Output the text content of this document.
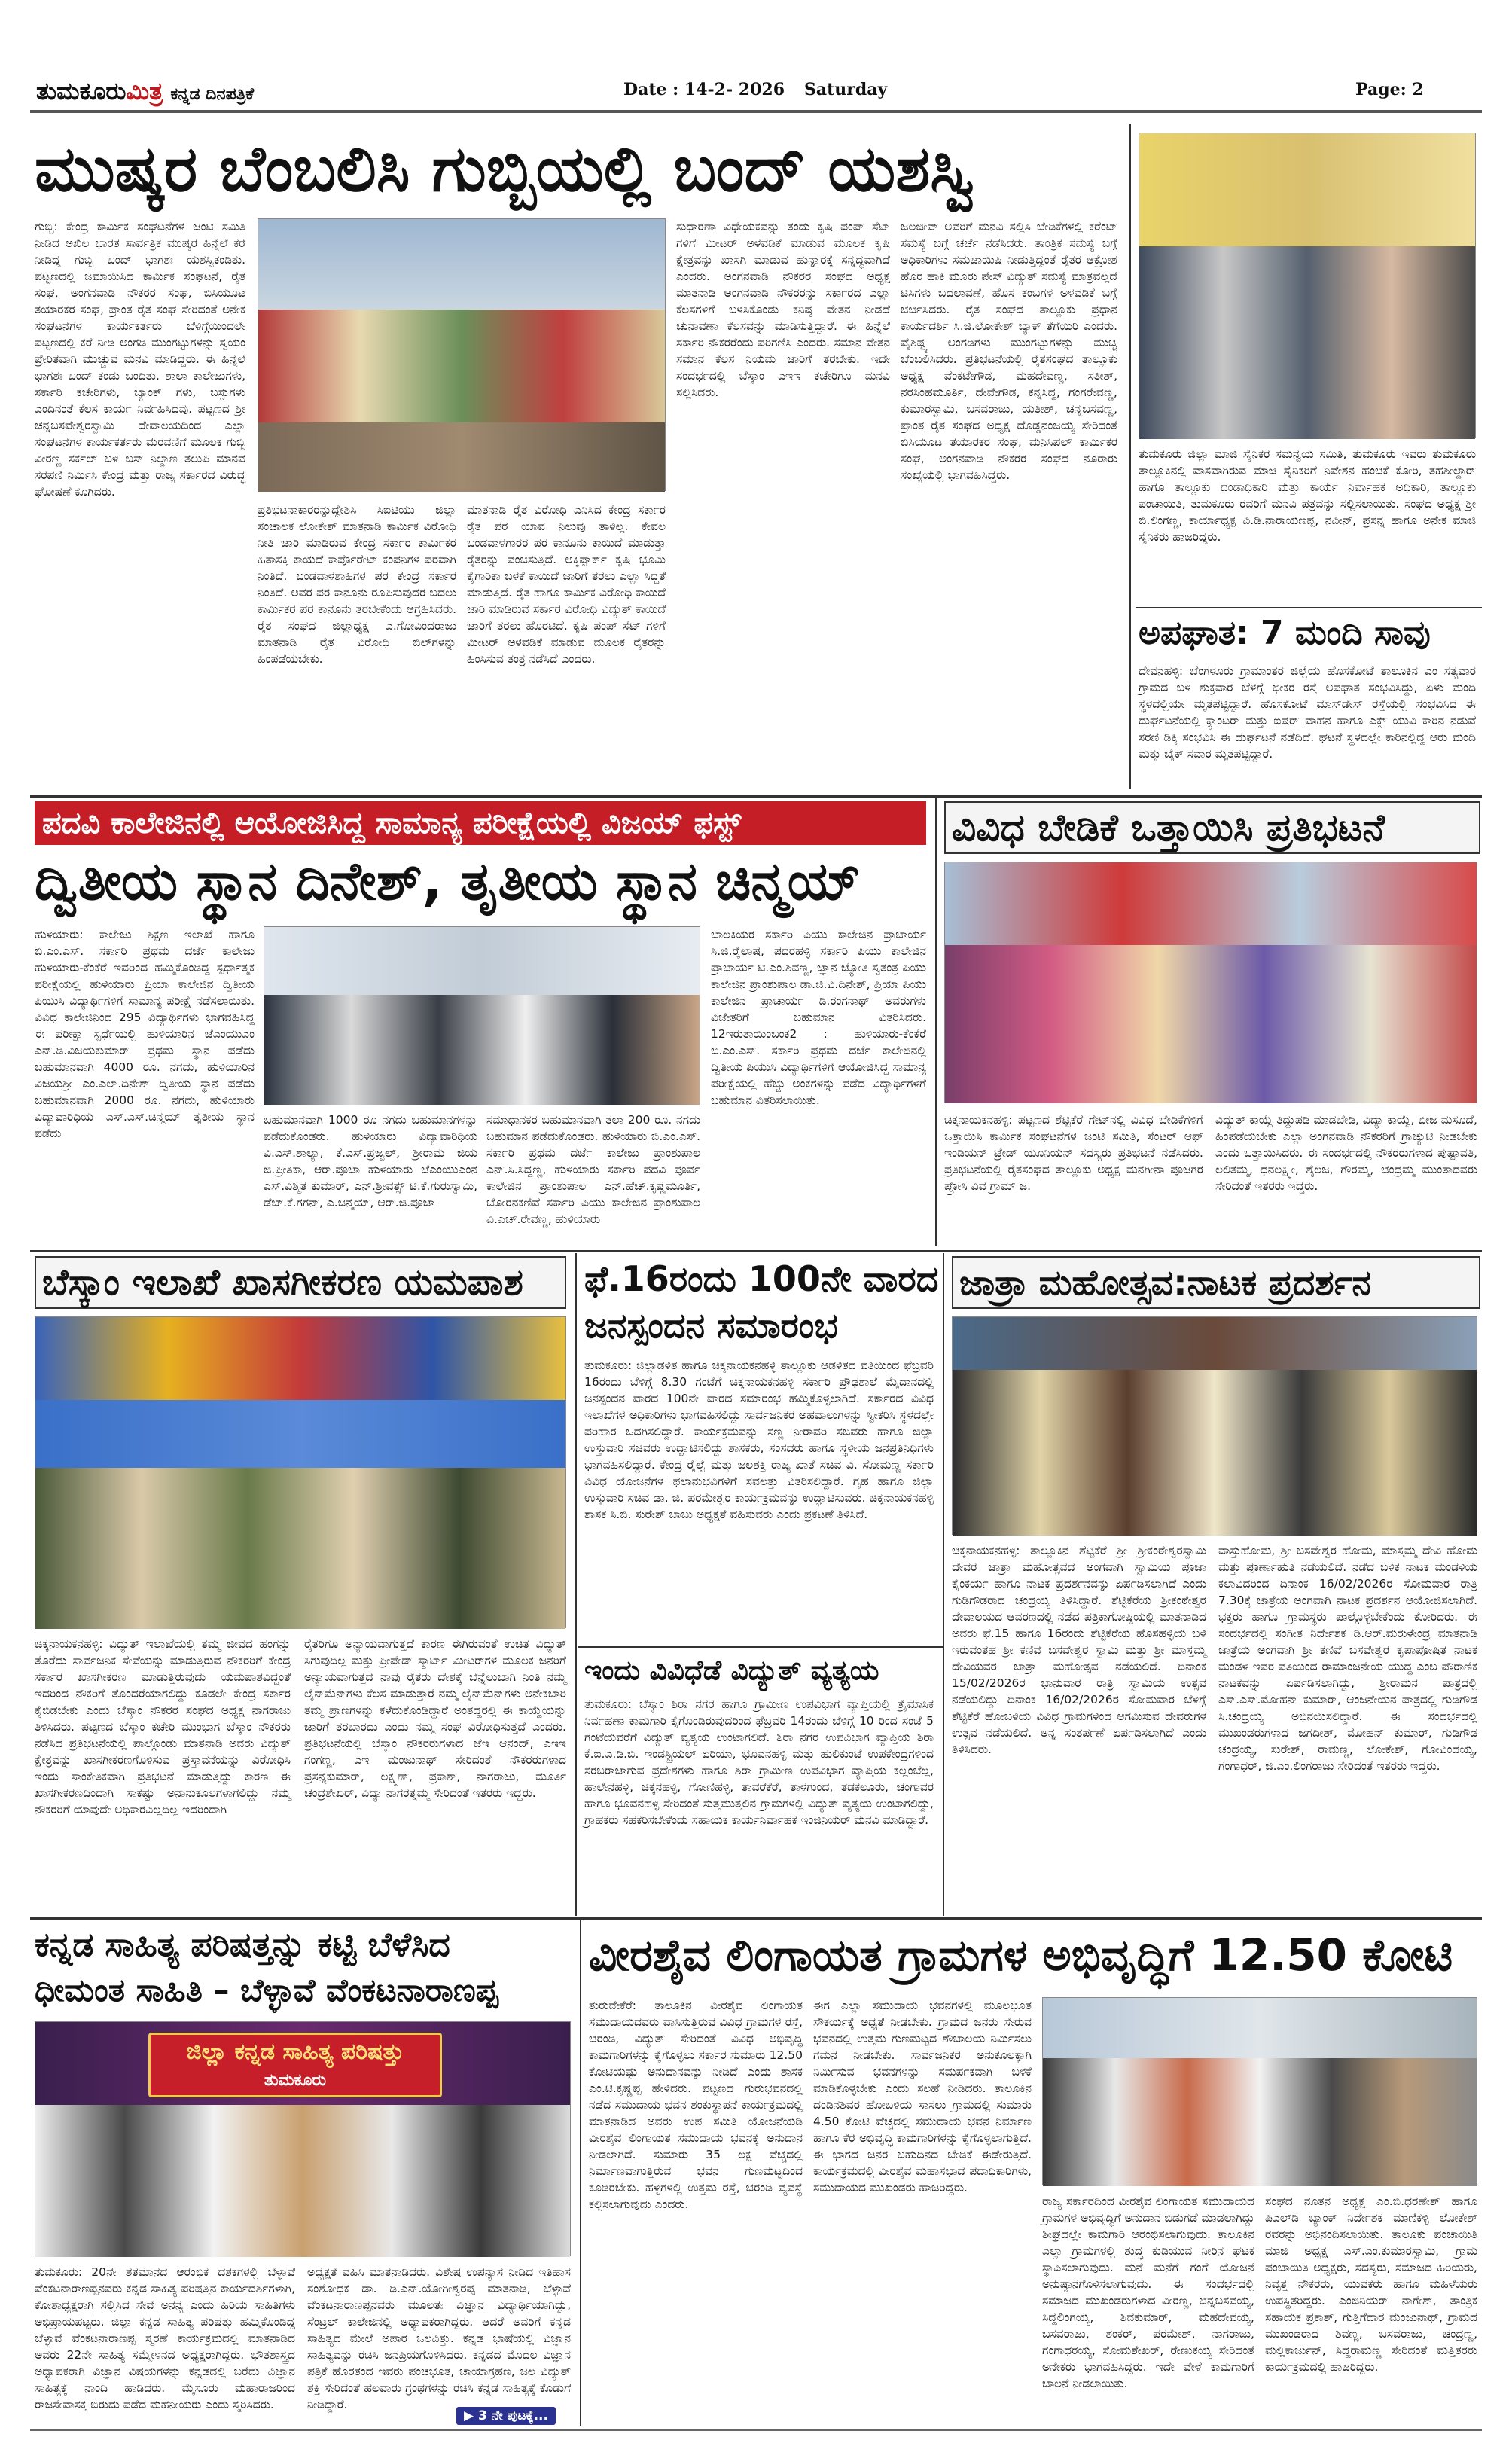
ತುಮಕೂರುಮಿತ್ರ ಕನ್ನಡ ದಿನಪತ್ರಿಕೆ	Date : 14-2- 2026 Saturday	Page: 2
ಮುಷ್ಕರ ಬೆಂಬಲಿಸಿ ಗುಬ್ಬಿಯಲ್ಲಿ ಬಂದ್ ಯಶಸ್ವಿ
ಗುಬ್ಬಿ: ಕೇಂದ್ರ ಕಾರ್ಮಿಕ ಸಂಘಟನೆಗಳ ಜಂಟಿ ಸಮಿತಿ ನೀಡಿದ ಅಖಿಲ ಭಾರತ ಸಾರ್ವತ್ರಿಕ ಮುಷ್ಕರ ಹಿನ್ನೆಲೆ ಕರೆ ನೀಡಿದ್ದ ಗುಬ್ಬಿ ಬಂದ್ ಭಾಗಶಃ ಯಶಸ್ವಿಕಂಡಿತು. ಪಟ್ಟಣದಲ್ಲಿ ಜಮಾಯಿಸಿದ ಕಾರ್ಮಿಕ ಸಂಘಟನೆ, ರೈತ ಸಂಘ, ಅಂಗನವಾಡಿ ನೌಕರರ ಸಂಘ, ಬಿಸಿಯೂಟ ತಯಾರಕರ ಸಂಘ, ಪ್ರಾಂತ ರೈತ ಸಂಘ ಸೇರಿದಂತೆ ಅನೇಕ ಸಂಘಟನೆಗಳ ಕಾರ್ಯಕರ್ತರು ಬೆಳಿಗ್ಗೆಯಿಂದಲೇ ಪಟ್ಟಣದಲ್ಲಿ ಕರೆ ನೀಡಿ ಅಂಗಡಿ ಮುಂಗಟ್ಟುಗಳನ್ನು ಸ್ವಯಂ ಪ್ರೇರಿತವಾಗಿ ಮುಚ್ಚುವ ಮನವಿ ಮಾಡಿದ್ದರು. ಈ ಹಿನ್ನಲೆ ಭಾಗಶಃ ಬಂದ್ ಕಂಡು ಬಂದಿತು. ಶಾಲಾ ಕಾಲೇಜುಗಳು, ಸರ್ಕಾರಿ ಕಚೇರಿಗಳು, ಬ್ಯಾಂಕ್ ಗಳು, ಬಸ್ಸುಗಳು ಎಂದಿನಂತೆ ಕೆಲಸ ಕಾರ್ಯ ನಿರ್ವಹಿಸಿದವು. ಪಟ್ಟಣದ ಶ್ರೀ ಚನ್ನಬಸವೇಶ್ವರಸ್ವಾಮಿ ದೇವಾಲಯದಿಂದ ಎಲ್ಲಾ ಸಂಘಟನೆಗಳ ಕಾರ್ಯಕರ್ತರು ಮೆರವಣಿಗೆ ಮೂಲಕ ಗುಬ್ಬಿ ವೀರಣ್ಣ ಸರ್ಕಲ್ ಬಳಿ ಬಸ್ ನಿಲ್ದಾಣ ತಲುಪಿ ಮಾನವ ಸರಪಣಿ ನಿರ್ಮಿಸಿ ಕೇಂದ್ರ ಮತ್ತು ರಾಜ್ಯ ಸರ್ಕಾರದ ವಿರುದ್ಧ ಘೋಷಣೆ ಕೂಗಿದರು.
ಪ್ರತಿಭಟನಾಕಾರರನ್ನುದ್ದೇಶಿಸಿ ಸಿಐಟಿಯು ಜಿಲ್ಲಾ ಸಂಚಾಲಕ ಲೋಕೇಶ್ ಮಾತನಾಡಿ ಕಾರ್ಮಿಕ ವಿರೋಧಿ ನೀತಿ ಜಾರಿ ಮಾಡಿರುವ ಕೇಂದ್ರ ಸರ್ಕಾರ ಕಾರ್ಮಿಕರ ಹಿತಾಸಕ್ತಿ ಕಾಯದೆ ಕಾರ್ಪೊರೇಟ್ ಕಂಪನಿಗಳ ಪರವಾಗಿ ನಿಂತಿದೆ. ಬಂಡವಾಳಶಾಹಿಗಳ ಪರ ಕೇಂದ್ರ ಸರ್ಕಾರ ನಿಂತಿದೆ. ಅವರ ಪರ ಕಾನೂನು ರೂಪಿಸುವುದರ ಬದಲು ಕಾರ್ಮಿಕರ ಪರ ಕಾನೂನು ತರಬೇಕೆಂದು ಆಗ್ರಹಿಸಿದರು. ರೈತ ಸಂಘದ ಜಿಲ್ಲಾಧ್ಯಕ್ಷ ಎ.ಗೋವಿಂದರಾಜು ಮಾತನಾಡಿ ರೈತ ವಿರೋಧಿ ಬಿಲ್‌ಗಳನ್ನು ಹಿಂಪಡೆಯಬೇಕು.
ಮಾತನಾಡಿ ರೈತ ವಿರೋಧಿ ಎನಿಸಿದ ಕೇಂದ್ರ ಸರ್ಕಾರ ರೈತ ಪರ ಯಾವ ನಿಲುವು ತಾಳಿಲ್ಲ. ಕೇವಲ ಬಂಡವಾಳಗಾರರ ಪರ ಕಾನೂನು ಕಾಯಿದೆ ಮಾಡುತ್ತಾ ರೈತರನ್ನು ವಂಚಿಸುತ್ತಿದೆ. ಅಕ್ಕಿಪ್ಪಾರ್ಕ್ ಕೃಷಿ ಭೂಮಿ ಕೈಗಾರಿಕಾ ಬಳಕೆ ಕಾಯಿದೆ ಜಾರಿಗೆ ತರಲು ಎಲ್ಲಾ ಸಿದ್ದತೆ ಮಾಡುತ್ತಿದೆ. ರೈತ ಹಾಗೂ ಕಾರ್ಮಿಕ ವಿರೋಧಿ ಕಾಯಿದೆ ಜಾರಿ ಮಾಡಿರುವ ಸರ್ಕಾರ ವಿರೋಧಿ ವಿದ್ಯುತ್ ಕಾಯಿದೆ ಜಾರಿಗೆ ತರಲು ಹೊರಟಿದೆ. ಕೃಷಿ ಪಂಪ್ ಸೆಟ್ ಗಳಿಗೆ ಮೀಟರ್ ಅಳವಡಿಕೆ ಮಾಡುವ ಮೂಲಕ ರೈತರನ್ನು ಹಿಂಸಿಸುವ ತಂತ್ರ ನಡೆಸಿದೆ ಎಂದರು.
ಸುಧಾರಣಾ ವಿಧೇಯಕವನ್ನು ತಂದು ಕೃಷಿ ಪಂಪ್ ಸೆಟ್‌ ಗಳಿಗೆ ಮೀಟರ್ ಅಳವಡಿಕೆ ಮಾಡುವ ಮೂಲಕ ಕೃಷಿ ಕ್ಷೇತ್ರವನ್ನು ಖಾಸಗಿ ಮಾಡುವ ಹುನ್ನಾರಕ್ಕೆ ಸನ್ನದ್ಧವಾಗಿದೆ ಎಂದರು. ಅಂಗನವಾಡಿ ನೌಕರರ ಸಂಘದ ಅಧ್ಯಕ್ಷ ಮಾತನಾಡಿ ಅಂಗನವಾಡಿ ನೌಕರರನ್ನು ಸರ್ಕಾರದ ಎಲ್ಲಾ ಕೆಲಸಗಳಿಗೆ ಬಳಸಿಕೊಂಡು ಕನಿಷ್ಠ ವೇತನ ನೀಡದೆ ಚುನಾವಣಾ ಕೆಲಸವನ್ನು ಮಾಡಿಸುತ್ತಿದ್ದಾರೆ. ಈ ಹಿನ್ನೆಲೆ ಸರ್ಕಾರಿ ನೌಕರರೆಂದು ಪರಿಗಣಿಸಿ ಎಂದರು. ಸಮಾನ ವೇತನ ಸಮಾನ ಕೆಲಸ ನಿಯಮ ಜಾರಿಗೆ ತರಬೇಕು. ಇದೇ ಸಂದರ್ಭದಲ್ಲಿ ಬೆಸ್ಕಾಂ ಎಇಇ ಕಚೇರಿಗೂ ಮನವಿ ಸಲ್ಲಿಸಿದರು.
ಜಲಜೀವ್ ಅವರಿಗೆ ಮನವಿ ಸಲ್ಲಿಸಿ ಬೇಡಿಕೆಗಳಲ್ಲಿ ಕರೆಂಟ್ ಸಮಸ್ಯೆ ಬಗ್ಗೆ ಚರ್ಚೆ ನಡೆಸಿದರು. ತಾಂತ್ರಿಕ ಸಮಸ್ಯೆ ಬಗ್ಗೆ ಅಧಿಕಾರಿಗಳು ಸಮಜಾಯಿಷಿ ನೀಡುತ್ತಿದ್ದಂತೆ ರೈತರ ಆಕ್ರೋಶ ಹೊರ ಹಾಕಿ ಮೂರು ಪೇಸ್ ವಿದ್ಯುತ್ ಸಮಸ್ಯೆ ಮಾತ್ರವಲ್ಲದೆ ಟಿಸಿಗಳು ಬದಲಾವಣೆ, ಹೊಸ ಕಂಬಗಳ ಅಳವಡಿಕೆ ಬಗ್ಗೆ ಚರ್ಚಿಸಿದರು. ರೈತ ಸಂಘದ ತಾಲ್ಲೂಕು ಪ್ರಧಾನ ಕಾರ್ಯದರ್ಶಿ ಸಿ.ಜಿ.ಲೋಕೇಶ್ ಬ್ಯಾಕ್ ತೆಗೆಯಿರಿ ಎಂದರು. ವೈಶಿಷ್ಟ್ಯ ಅಂಗಡಿಗಳು ಮುಂಗಟ್ಟುಗಳನ್ನು ಮುಚ್ಚಿ ಬೆಂಬಲಿಸಿದರು. ಪ್ರತಿಭಟನೆಯಲ್ಲಿ ರೈತಸಂಘದ ತಾಲ್ಲೂಕು ಅಧ್ಯಕ್ಷ ವೆಂಕಟೇಗೌಡ, ಮಹದೇವಣ್ಣ, ಸತೀಶ್, ನರಸಿಂಹಮೂರ್ತಿ, ದೇವೇಗೌಡ, ಕನ್ನಸಿದ್ದ, ಗಂಗರೇವಣ್ಣ, ಕುಮಾರಸ್ವಾಮಿ, ಬಸವರಾಜು, ಯತೀಶ್, ಚನ್ನಬಸವಣ್ಣ, ಪ್ರಾಂತ ರೈತ ಸಂಘದ ಅಧ್ಯಕ್ಷ ದೊಡ್ಡನಂಜಯ್ಯ ಸೇರಿದಂತೆ ಬಿಸಿಯೂಟ ತಯಾರಕರ ಸಂಘ, ಮನಿಸಿಪಲ್ ಕಾರ್ಮಿಕರ ಸಂಘ, ಅಂಗನವಾಡಿ ನೌಕರರ ಸಂಘದ ನೂರಾರು ಸಂಖ್ಯೆಯಲ್ಲಿ ಭಾಗವಹಿಸಿದ್ದರು.
ತುಮಕೂರು ಜಿಲ್ಲಾ ಮಾಜಿ ಸೈನಿಕರ ಸಮನ್ವಯ ಸಮಿತಿ, ತುಮಕೂರು ಇವರು ತುಮಕೂರು ತಾಲ್ಲೂಕಿನಲ್ಲಿ ವಾಸವಾಗಿರುವ ಮಾಜಿ ಸೈನಿಕರಿಗೆ ನಿವೇಶನ ಹಂಚಿಕೆ ಕೋರಿ, ತಹಶೀಲ್ದಾರ್ ಹಾಗೂ ತಾಲ್ಲೂಕು ದಂಡಾಧಿಕಾರಿ ಮತ್ತು ಕಾರ್ಯ ನಿರ್ವಾಹಕ ಅಧಿಕಾರಿ, ತಾಲ್ಲೂಕು ಪಂಚಾಯಿತಿ, ತುಮಕೂರು ರವರಿಗೆ ಮನವಿ ಪತ್ರವನ್ನು ಸಲ್ಲಿಸಲಾಯಿತು. ಸಂಘದ ಅಧ್ಯಕ್ಷ ಶ್ರೀ ಬಿ.ಲಿಂಗಣ್ಣ, ಕಾರ್ಯಾಧ್ಯಕ್ಷ ವಿ.ಡಿ.ನಾರಾಯಣಪ್ಪ, ನವೀನ್, ಪ್ರಸನ್ನ ಹಾಗೂ ಅನೇಕ ಮಾಜಿ ಸೈನಿಕರು ಹಾಜರಿದ್ದರು.
ಅಪಘಾತ: 7 ಮಂದಿ ಸಾವು
ದೇವನಹಳ್ಳಿ: ಬೆಂಗಳೂರು ಗ್ರಾಮಾಂತರ ಜಿಲ್ಲೆಯ ಹೊಸಕೋಟೆ ತಾಲೂಕಿನ ಎಂ ಸತ್ಯವಾರ ಗ್ರಾಮದ ಬಳಿ ಶುಕ್ರವಾರ ಬೆಳಗ್ಗೆ ಭೀಕರ ರಸ್ತೆ ಅಪಘಾತ ಸಂಭವಿಸಿದ್ದು, ಏಳು ಮಂದಿ ಸ್ಥಳದಲ್ಲಿಯೇ ಮೃತಪಟ್ಟಿದ್ದಾರೆ. ಹೊಸಕೋಟೆ ಮಾಸ್‌ಡೇಸ್ ರಸ್ತೆಯಲ್ಲಿ ಸಂಭವಿಸಿದ ಈ ದುರ್ಘಟನೆಯಲ್ಲಿ ಕ್ಯಾಂಟರ್ ಮತ್ತು ಐಷರ್ ವಾಹನ ಹಾಗೂ ಎಕ್ಸ್ ಯುವಿ ಕಾರಿನ ನಡುವೆ ಸರಣಿ ಡಿಕ್ಕಿ ಸಂಭವಿಸಿ ಈ ದುರ್ಘಟನೆ ನಡೆದಿದೆ. ಘಟನೆ ಸ್ಥಳದಲ್ಲೇ ಕಾರಿನಲ್ಲಿದ್ದ ಆರು ಮಂದಿ ಮತ್ತು ಬೈಕ್ ಸವಾರ ಮೃತಪಟ್ಟಿದ್ದಾರೆ.
ಪದವಿ ಕಾಲೇಜಿನಲ್ಲಿ ಆಯೋಜಿಸಿದ್ದ ಸಾಮಾನ್ಯ ಪರೀಕ್ಷೆಯಲ್ಲಿ ವಿಜಯ್ ಫಸ್ಟ್
ದ್ವಿತೀಯ ಸ್ಥಾನ ದಿನೇಶ್, ತೃತೀಯ ಸ್ಥಾನ ಚಿನ್ಮಯ್
ಹುಳಿಯಾರು: ಕಾಲೇಜು ಶಿಕ್ಷಣ ಇಲಾಖೆ ಹಾಗೂ ಬಿ.ಎಂ.ಎಸ್. ಸರ್ಕಾರಿ ಪ್ರಥಮ ದರ್ಜೆ ಕಾಲೇಜು ಹುಳಿಯಾರು-ಕೆಂಕೆರೆ ಇವರಿಂದ ಹಮ್ಮಿಕೊಂಡಿದ್ದ ಸ್ಪರ್ಧಾತ್ಮಕ ಪರೀಕ್ಷೆಯಲ್ಲಿ ಹುಳಿಯಾರು ಪ್ರಿಯಾ ಕಾಲೇಜಿನ ದ್ವಿತೀಯ ಪಿಯುಸಿ ವಿದ್ಯಾರ್ಥಿಗಳಿಗೆ ಸಾಮಾನ್ಯ ಪರೀಕ್ಷೆ ನಡೆಸಲಾಯಿತು. ವಿವಿಧ ಕಾಲೇಜಿನಿಂದ 295 ವಿದ್ಯಾರ್ಥಿಗಳು ಭಾಗವಹಿಸಿದ್ದ ಈ ಪರೀಕ್ಷಾ ಸ್ಪರ್ಧೆಯಲ್ಲಿ ಹುಳಿಯಾರಿನ ಜೆಎಂಯುಎಂ ಎನ್.ಡಿ.ವಿಜಯಕುಮಾರ್ ಪ್ರಥಮ ಸ್ಥಾನ ಪಡೆದು ಬಹುಮಾನವಾಗಿ 4000 ರೂ. ನಗದು, ಹುಳಿಯಾರಿನ ವಿಜಯಶ್ರೀ ಎಂ.ಎಲ್.ದಿನೇಶ್ ದ್ವಿತೀಯ ಸ್ಥಾನ ಪಡೆದು ಬಹುಮಾನವಾಗಿ 2000 ರೂ. ನಗದು, ಹುಳಿಯಾರು ವಿದ್ಯಾವಾರಿಧಿಯ ಎಸ್.ಎಸ್.ಚಿನ್ಮಯ್ ತೃತೀಯ ಸ್ಥಾನ ಪಡೆದು
ಬಹುಮಾನವಾಗಿ 1000 ರೂ ನಗದು ಬಹುಮಾನಗಳನ್ನು ಪಡೆದುಕೊಂಡರು. ಹುಳಿಯಾರು ವಿದ್ಯಾವಾರಿಧಿಯ ವಿ.ಎಸ್.ಶಾಲ್ಯಾ, ಕೆ.ಎಸ್.ಪ್ರಜ್ವಲ್, ಶ್ರೀರಾಮ ಜಿಯ ಜಿ.ಪ್ರೀತಿಕಾ, ಆರ್.ಪೂಜಾ ಹುಳಿಯಾರು ಜೆಎಂಯುಎಂನ ಎಸ್.ವಿಶ್ಮಿತ ಕುಮಾರ್, ಎನ್.ಶ್ರೀವತ್ಸ್ ಟಿ.ಕೆ.ಗುರುಸ್ವಾಮಿ, ಡೆಚ್.ಕೆ.ಗಗನ್, ಎ.ಚಿನ್ಮಯ್, ಆರ್.ಜಿ.ಪೂಜಾ
ಸಮಾಧಾನಕರ ಬಹುಮಾನವಾಗಿ ತಲಾ 200 ರೂ. ನಗದು ಬಹುಮಾನ ಪಡೆದುಕೊಂಡರು. ಹುಳಿಯಾರು ಬಿ.ಎಂ.ಎಸ್. ಸರ್ಕಾರಿ ಪ್ರಥಮ ದರ್ಜೆ ಕಾಲೇಜು ಪ್ರಾಂಶುಪಾಲ ಎನ್.ಸಿ.ಸಿದ್ದಣ್ಣ, ಹುಳಿಯಾರು ಸರ್ಕಾರಿ ಪದವಿ ಪೂರ್ವ ಕಾಲೇಜಿನ ಪ್ರಾಂಶುಪಾಲ ಎನ್.ಹೆಚ್.ಕೃಷ್ಣಮೂರ್ತಿ, ಬೋರನಕಣಿವೆ ಸರ್ಕಾರಿ ಪಿಯು ಕಾಲೇಜಿನ ಪ್ರಾಂಶುಪಾಲ ವಿ.ಎಚ್.ರೇವಣ್ಣ, ಹುಳಿಯಾರು
ಬಾಲಕಿಯರ ಸರ್ಕಾರಿ ಪಿಯು ಕಾಲೇಜಿನ ಪ್ರಾಚಾರ್ಯ ಸಿ.ಜಿ.ರೈಲಾಷ, ಪದರಹಳ್ಳಿ ಸರ್ಕಾರಿ ಪಿಯು ಕಾಲೇಜಿನ ಪ್ರಾಚಾರ್ಯ ಟಿ.ಎಂ.ಶಿವಣ್ಣ, ಜ್ಞಾನ ಜ್ಯೋತಿ ಸ್ವತಂತ್ರ ಪಿಯು ಕಾಲೇಜಿನ ಪ್ರಾಂಶುಪಾಲ ಡಾ.ಜಿ.ವಿ.ದಿನೇಶ್, ಪ್ರಿಯಾ ಪಿಯು ಕಾಲೇಜಿನ ಪ್ರಾಚಾರ್ಯ ಡಿ.ರಂಗನಾಥ್ ಅವರುಗಳು ವಿಜೇತರಿಗೆ ಬಹುಮಾನ ವಿತರಿಸಿದರು. 12ಇರುತಾಯಿಂಬಂಕ2 : ಹುಳಿಯಾರು-ಕೆಂಕೆರೆ ಬಿ.ಎಂ.ಎಸ್. ಸರ್ಕಾರಿ ಪ್ರಥಮ ದರ್ಜೆ ಕಾಲೇಜಿನಲ್ಲಿ ದ್ವಿತೀಯ ಪಿಯುಸಿ ವಿದ್ಯಾರ್ಥಿಗಳಿಗೆ ಆಯೋಜಿಸಿದ್ದ ಸಾಮಾನ್ಯ ಪರೀಕ್ಷೆಯಲ್ಲಿ ಹೆಚ್ಚು ಅಂಕಗಳನ್ನು ಪಡೆದ ವಿದ್ಯಾರ್ಥಿಗಳಿಗೆ ಬಹುಮಾನ ವಿತರಿಸಲಾಯಿತು.
ವಿವಿಧ ಬೇಡಿಕೆ ಒತ್ತಾಯಿಸಿ ಪ್ರತಿಭಟನೆ
ಚಿಕ್ಕನಾಯಕನಹಳ್ಳಿ: ಪಟ್ಟಣದ ಶೆಟ್ಟಿಕೆರೆ ಗೇಟ್‌ನಲ್ಲಿ ವಿವಿಧ ಬೇಡಿಕೆಗಳಿಗೆ ಒತ್ತಾಯಿಸಿ ಕಾರ್ಮಿಕ ಸಂಘಟನೆಗಳ ಜಂಟಿ ಸಮಿತಿ, ಸೆಂಟರ್ ಆಫ್ ಇಂಡಿಯನ್ ಟ್ರೇಡ್ ಯೂನಿಯನ್ ಸದಸ್ಯರು ಪ್ರತಿಭಟನೆ ನಡೆಸಿದರು. ಪ್ರತಿಭಟನೆಯಲ್ಲಿ ರೈತಸಂಘದ ತಾಲ್ಲೂಕು ಅಧ್ಯಕ್ಷ ಮನಗೀನಾ ಪೂಜಗರ ಪ್ರೋಸಿ ವಿವ ಗ್ರಾಮ್ ಜ.
ವಿದ್ಯುತ್ ಕಾಯ್ದೆ ತಿದ್ದುಪಡಿ ಮಾಡಬೇಡಿ, ವಿದ್ಯಾ ಕಾಯ್ದೆ, ಬೀಜ ಮಸೂದೆ, ಹಿಂಪಡೆಯಬೇಕು ಎಲ್ಲಾ ಅಂಗನವಾಡಿ ನೌಕರರಿಗೆ ಗ್ರಾಚ್ಯುಟಿ ನೀಡಬೇಕು ಎಂದು ಒತ್ತಾಯಿಸಿದರು. ಈ ಸಂದರ್ಭದಲ್ಲಿ ನೌಕರರುಗಳಾದ ಪುಷ್ಪಾವತಿ, ಲಲಿತಮ್ಮ, ಧನಲಕ್ಷ್ಮೀ, ಶೈಲಜ, ಗೌರಮ್ಮ, ಚಂದ್ರಮ್ಮ ಮುಂತಾದವರು ಸೇರಿದಂತೆ ಇತರರು ಇದ್ದರು.
ಬೆಸ್ಕಾಂ ಇಲಾಖೆ ಖಾಸಗೀಕರಣ ಯಮಪಾಶ
ಚಿಕ್ಕನಾಯಕನಹಳ್ಳಿ: ವಿದ್ಯುತ್ ಇಲಾಖೆಯಲ್ಲಿ ತಮ್ಮ ಜೀವದ ಹಂಗನ್ನು ತೊರೆದು ಸಾರ್ವಜನಿಕ ಸೇವೆಯನ್ನು ಮಾಡುತ್ತಿರುವ ನೌಕರರಿಗೆ ಕೇಂದ್ರ ಸರ್ಕಾರ ಖಾಸಗೀಕರಣ ಮಾಡುತ್ತಿರುವುದು ಯಮಪಾಶವಿದ್ದಂತೆ ಇದರಿಂದ ನೌಕರಿಗೆ ತೊಂದರೆಯಾಗಲಿದ್ದು ಕೂಡಲೇ ಕೇಂದ್ರ ಸರ್ಕಾರ ಕೈಬಿಡಬೇಕು ಎಂದು ಬೆಸ್ಕಾಂ ನೌಕರರ ಸಂಘದ ಅಧ್ಯಕ್ಷ ನಾಗರಾಜು ತಿಳಿಸಿದರು. ಪಟ್ಟಣದ ಬೆಸ್ಕಾಂ ಕಚೇರಿ ಮುಂಭಾಗ ಬೆಸ್ಕಾಂ ನೌಕರರು ನಡೆಸಿದ ಪ್ರತಿಭಟನೆಯಲ್ಲಿ ಪಾಲ್ಗೊಂಡು ಮಾತನಾಡಿ ಅವರು ವಿದ್ಯುತ್ ಕ್ಷೇತ್ರವನ್ನು ಖಾಸಗೀಕರಣಗೊಳಿಸುವ ಪ್ರಸ್ತಾವನೆಯನ್ನು ವಿರೋಧಿಸಿ ಇಂದು ಸಾಂಕೇತಿಕವಾಗಿ ಪ್ರತಿಭಟನೆ ಮಾಡುತ್ತಿದ್ದು ಕಾರಣ ಈ ಖಾಸಗೀಕರಣದಿಂದಾಗಿ ಸಾಕಷ್ಟು ಅನಾನುಕೂಲಗಳಾಗಲಿದ್ದು ನಮ್ಮ ನೌಕರರಿಗೆ ಯಾವುದೇ ಅಧಿಕಾರವಿಲ್ಲದಿಲ್ಲ ಇದರಿಂದಾಗಿ
ರೈತರಿಗೂ ಅನ್ಯಾಯವಾಗುತ್ತದೆ ಕಾರಣ ಈಗಿರುವಂತೆ ಉಚಿತ ವಿದ್ಯುತ್ ಸಿಗುವುದಿಲ್ಲ ಮತ್ತು ಪ್ರೀಪೇಡ್ ಸ್ಮಾರ್ಟ್ ಮೀಟರ್‌ಗಳ ಮೂಲಕ ಜನರಿಗೆ ಅನ್ಯಾಯವಾಗುತ್ತದೆ ನಾವು ರೈತರು ದೇಶಕ್ಕೆ ಬೆನ್ನೆಲುಬಾಗಿ ನಿಂತಿ ನಮ್ಮ ಲೈನ್‌ಮೆನ್‌ಗಳು ಕೆಲಸ ಮಾಡುತ್ತಾರೆ ನಮ್ಮ ಲೈನ್‌ಮೆನ್‌ಗಳು ಅನೇಕಬಾರಿ ತಮ್ಮ ಪ್ರಾಣಗಳನ್ನು ಕಳೆದುಕೊಂಡಿದ್ದಾರೆ ಅಂತದ್ದರಲ್ಲಿ ಈ ಕಾಯ್ದೆಯನ್ನು ಜಾರಿಗೆ ತರಬಾರದು ಎಂದು ನಮ್ಮ ಸಂಘ ವಿರೋಧಿಸುತ್ತದೆ ಎಂದರು. ಪ್ರತಿಭಟನೆಯಲ್ಲಿ ಬೆಸ್ಕಾಂ ನೌಕರರುಗಳಾದ ಜೆಇ ಆನಂದ್, ಎಇಇ ಗಂಗಣ್ಣ, ಎಇ ಮಂಜುನಾಥ್ ಸೇರಿದಂತೆ ನೌಕರರುಗಳಾದ ಪ್ರಸನ್ನಕುಮಾರ್, ಲಕ್ಷ್ಮಣ್, ಪ್ರಕಾಶ್, ನಾಗರಾಜು, ಮೂರ್ತಿ ಚಂದ್ರಶೇಖರ್, ವಿದ್ಯಾ ನಾಗರತ್ನಮ್ಮ ಸೇರಿದಂತೆ ಇತರರು ಇದ್ದರು.
ಫೆ.16ರಂದು 100ನೇ ವಾರದ
ಜನಸ್ಪಂದನ ಸಮಾರಂಭ
ತುಮಕೂರು: ಜಿಲ್ಲಾಡಳಿತ ಹಾಗೂ ಚಿಕ್ಕನಾಯಕನಹಳ್ಳಿ ತಾಲ್ಲೂಕು ಆಡಳಿತದ ವತಿಯಿಂದ ಫೆಬ್ರವರಿ 16ರಂದು ಬೆಳಿಗ್ಗೆ 8.30 ಗಂಟೆಗೆ ಚಿಕ್ಕನಾಯಕನಹಳ್ಳಿ ಸರ್ಕಾರಿ ಪ್ರೌಢಶಾಲೆ ಮೈದಾನದಲ್ಲಿ ಜನಸ್ಪಂದನ ವಾರದ 100ನೇ ವಾರದ ಸಮಾರಂಭ ಹಮ್ಮಿಕೊಳ್ಳಲಾಗಿದೆ. ಸರ್ಕಾರದ ವಿವಿಧ ಇಲಾಖೆಗಳ ಅಧಿಕಾರಿಗಳು ಭಾಗವಹಿಸಲಿದ್ದು ಸಾರ್ವಜನಿಕರ ಅಹವಾಲುಗಳನ್ನು ಸ್ವೀಕರಿಸಿ ಸ್ಥಳದಲ್ಲೇ ಪರಿಹಾರ ಒದಗಿಸಲಿದ್ದಾರೆ. ಕಾರ್ಯಕ್ರಮವನ್ನು ಸಣ್ಣ ನೀರಾವರಿ ಸಚಿವರು ಹಾಗೂ ಜಿಲ್ಲಾ ಉಸ್ತುವಾರಿ ಸಚಿವರು ಉದ್ಘಾಟಿಸಲಿದ್ದು ಶಾಸಕರು, ಸಂಸದರು ಹಾಗೂ ಸ್ಥಳೀಯ ಜನಪ್ರತಿನಿಧಿಗಳು ಭಾಗವಹಿಸಲಿದ್ದಾರೆ. ಕೇಂದ್ರ ರೈಲ್ವೆ ಮತ್ತು ಜಲಶಕ್ತಿ ರಾಜ್ಯ ಖಾತೆ ಸಚಿವ ವಿ. ಸೋಮಣ್ಣ ಸರ್ಕಾರಿ ವಿವಿಧ ಯೋಜನೆಗಳ ಫಲಾನುಭವಿಗಳಿಗೆ ಸವಲತ್ತು ವಿತರಿಸಲಿದ್ದಾರೆ. ಗೃಹ ಹಾಗೂ ಜಿಲ್ಲಾ ಉಸ್ತುವಾರಿ ಸಚಿವ ಡಾ. ಜಿ. ಪರಮೇಶ್ವರ ಕಾರ್ಯಕ್ರಮವನ್ನು ಉದ್ಘಾಟಿಸುವರು. ಚಿಕ್ಕನಾಯಕನಹಳ್ಳಿ ಶಾಸಕ ಸಿ.ಬಿ. ಸುರೇಶ್ ಬಾಬು ಅಧ್ಯಕ್ಷತೆ ವಹಿಸುವರು ಎಂದು ಪ್ರಕಟಣೆ ತಿಳಿಸಿದೆ.
ಇಂದು ವಿವಿಧೆಡೆ ವಿದ್ಯುತ್ ವ್ಯತ್ಯಯ
ತುಮಕೂರು: ಬೆಸ್ಕಾಂ ಶಿರಾ ನಗರ ಹಾಗೂ ಗ್ರಾಮೀಣ ಉಪವಿಭಾಗ ವ್ಯಾಪ್ತಿಯಲ್ಲಿ ತ್ರೈಮಾಸಿಕ ನಿರ್ವಹಣಾ ಕಾಮಗಾರಿ ಕೈಗೊಂಡಿರುವುದರಿಂದ ಫೆಬ್ರವರಿ 14ರಂದು ಬೆಳಿಗ್ಗೆ 10 ರಿಂದ ಸಂಜೆ 5 ಗಂಟೆಯವರೆಗೆ ವಿದ್ಯುತ್ ವ್ಯತ್ಯಯ ಉಂಟಾಗಲಿದೆ. ಶಿರಾ ನಗರ ಉಪವಿಭಾಗ ವ್ಯಾಪ್ತಿಯ ಶಿರಾ ಕೆ.ಐ.ಎ.ಡಿ.ಬಿ. ಇಂಡಸ್ಟ್ರಿಯಲ್ ಏರಿಯಾ, ಭೂವನಹಳ್ಳಿ ಮತ್ತು ಹುಲಿಕುಂಟೆ ಉಪಕೇಂದ್ರಗಳಿಂದ ಸರಬರಾಜಾಗುವ ಪ್ರದೇಶಗಳು ಹಾಗೂ ಶಿರಾ ಗ್ರಾಮೀಣ ಉಪವಿಭಾಗ ವ್ಯಾಪ್ತಿಯ ಕಲ್ಲಂಬೆಲ್ಲ, ಹಾಲೇನಹಳ್ಳಿ, ಚಿಕ್ಕನಹಳ್ಳಿ, ಗೋಣಿಹಳ್ಳಿ, ತಾವರೆಕೆರೆ, ತಾಳಗುಂದ, ತಡಕಲೂರು, ಚಂಗಾವರ ಹಾಗೂ ಭೂವನಹಳ್ಳಿ ಸೇರಿದಂತೆ ಸುತ್ತಮುತ್ತಲಿನ ಗ್ರಾಮಗಳಲ್ಲಿ ವಿದ್ಯುತ್ ವ್ಯತ್ಯಯ ಉಂಟಾಗಲಿದ್ದು, ಗ್ರಾಹಕರು ಸಹಕರಿಸಬೇಕೆಂದು ಸಹಾಯಕ ಕಾರ್ಯನಿರ್ವಾಹಕ ಇಂಜಿನಿಯರ್ ಮನವಿ ಮಾಡಿದ್ದಾರೆ.
ಜಾತ್ರಾ ಮಹೋತ್ಸವ:ನಾಟಕ ಪ್ರದರ್ಶನ
ಚಿಕ್ಕನಾಯಕನಹಳ್ಳಿ: ತಾಲ್ಲೂಕಿನ ಶೆಟ್ಟಿಕೆರೆ ಶ್ರೀ ಶ್ರೀಕಂಠೇಶ್ವರಸ್ವಾಮಿ ದೇವರ ಜಾತ್ರಾ ಮಹೋತ್ಸವದ ಅಂಗವಾಗಿ ಸ್ವಾಮಿಯ ಪೂಜಾ ಕೈಂಕರ್ಯ ಹಾಗೂ ನಾಟಕ ಪ್ರದರ್ಶನವನ್ನು ಏರ್ಪಡಿಸಲಾಗಿದೆ ಎಂದು ಗುಡಿಗೌಡರಾದ ಚಂದ್ರಯ್ಯ ತಿಳಿಸಿದ್ದಾರೆ. ಶೆಟ್ಟಿಕೆರೆಯ ಶ್ರೀಕಂಠೇಶ್ವರ ದೇವಾಲಯದ ಆವರಣದಲ್ಲಿ ನಡೆದ ಪತ್ರಿಕಾಗೋಷ್ಠಿಯಲ್ಲಿ ಮಾತನಾಡಿದ ಅವರು ಫೆ.15 ಹಾಗೂ 16ರಂದು ಶೆಟ್ಟಿಕೆರೆಯ ಹೊಸಹಳ್ಳಿಯ ಬಳಿ ಇರುವಂತಹ ಶ್ರೀ ಕಣಿವೆ ಬಸವೇಶ್ವರ ಸ್ವಾಮಿ ಮತ್ತು ಶ್ರೀ ಮಾಸ್ತಮ್ಮ ದೇವಿಯವರ ಜಾತ್ರಾ ಮಹೋತ್ಸವ ನಡೆಯಲಿದೆ. ದಿನಾಂಕ 15/02/2026ರ ಭಾನುವಾರ ರಾತ್ರಿ ಸ್ವಾಮಿಯ ಉತ್ಸವ ನಡೆಯಲಿದ್ದು ದಿನಾಂಕ 16/02/2026ರ ಸೋಮವಾರ ಬೆಳಿಗ್ಗೆ ಶೆಟ್ಟಿಕೆರೆ ಹೋಬಳಿಯ ವಿವಿಧ ಗ್ರಾಮಗಳಿಂದ ಆಗಮಿಸುವ ದೇವರುಗಳ ಉತ್ಸವ ನಡೆಯಲಿದೆ. ಅನ್ನ ಸಂತರ್ಪಣೆ ಏರ್ಪಡಿಸಲಾಗಿದೆ ಎಂದು ತಿಳಿಸಿದರು.
ವಾಸ್ತುಹೋಮ, ಶ್ರೀ ಬಸವೇಶ್ವರ ಹೋಮ, ಮಾಸ್ತಮ್ಮ ದೇವಿ ಹೋಮ ಮತ್ತು ಪೂರ್ಣಾಹುತಿ ನಡೆಯಲಿದೆ. ನಡೆದ ಬಳಿಕ ನಾಟಕ ಮಂಡಳಿಯ ಕಲಾವಿದರಿಂದ ದಿನಾಂಕ 16/02/2026ರ ಸೋಮವಾರ ರಾತ್ರಿ 7.30ಕ್ಕೆ ಜಾತ್ರೆಯ ಅಂಗವಾಗಿ ನಾಟಕ ಪ್ರದರ್ಶನ ಆಯೋಜಿಸಲಾಗಿದೆ. ಭಕ್ತರು ಹಾಗೂ ಗ್ರಾಮಸ್ಥರು ಪಾಲ್ಗೊಳ್ಳಬೇಕೆಂದು ಕೋರಿದರು. ಈ ಸಂದರ್ಭದಲ್ಲಿ ಸಂಗೀತ ನಿರ್ದೇಶಕ ಡಿ.ಆರ್.ಮರುಳೇಂದ್ರ ಮಾತನಾಡಿ ಜಾತ್ರೆಯ ಅಂಗವಾಗಿ ಶ್ರೀ ಕಣಿವೆ ಬಸವೇಶ್ವರ ಕೃಪಾಪೋಷಿತ ನಾಟಕ ಮಂಡಳಿ ಇವರ ವತಿಯಿಂದ ರಾಮಾಂಜನೇಯ ಯುದ್ಧ ಎಂಬ ಪೌರಾಣಿಕ ನಾಟಕವನ್ನು ಏರ್ಪಡಿಸಲಾಗಿದ್ದು, ಶ್ರೀರಾಮನ ಪಾತ್ರದಲ್ಲಿ ಎಸ್.ಎಸ್.ಮೋಹನ್ ಕುಮಾರ್, ಆಂಜನೇಯನ ಪಾತ್ರದಲ್ಲಿ ಗುಡಿಗೌಡ ಸಿ.ಚಂದ್ರಯ್ಯ ಅಭಿನಯಿಸಲಿದ್ದಾರೆ. ಈ ಸಂದರ್ಭದಲ್ಲಿ ಮುಖಂಡರುಗಳಾದ ಜಗದೀಶ್, ಮೋಹನ್ ಕುಮಾರ್, ಗುಡಿಗೌಡ ಚಂದ್ರಯ್ಯ, ಸುರೇಶ್, ರಾಮಣ್ಣ, ಲೋಕೇಶ್, ಗೋವಿಂದಯ್ಯ, ಗಂಗಾಧರ್, ಜಿ.ಎಂ.ಲಿಂಗರಾಜು ಸೇರಿದಂತೆ ಇತರರು ಇದ್ದರು.
ಕನ್ನಡ ಸಾಹಿತ್ಯ ಪರಿಷತ್ತನ್ನು ಕಟ್ಟಿ ಬೆಳೆಸಿದ
ಧೀಮಂತ ಸಾಹಿತಿ – ಬೆಳ್ಳಾವೆ ವೆಂಕಟನಾರಾಣಪ್ಪ
ಜಿಲ್ಲಾ ಕನ್ನಡ ಸಾಹಿತ್ಯ ಪರಿಷತ್ತು
ತುಮಕೂರು
ತುಮಕೂರು: 20ನೇ ಶತಮಾನದ ಆರಂಭಿಕ ದಶಕಗಳಲ್ಲಿ ಬೆಳ್ಳಾವೆ ವೆಂಕಟನಾರಾಣಪ್ಪನವರು ಕನ್ನಡ ಸಾಹಿತ್ಯ ಪರಿಷತ್ತಿನ ಕಾರ್ಯದರ್ಶಿಗಳಾಗಿ, ಕೋಶಾಧ್ಯಕ್ಷರಾಗಿ ಸಲ್ಲಿಸಿದ ಸೇವೆ ಅನನ್ಯ ಎಂದು ಹಿರಿಯ ಸಾಹಿತಿಗಳು ಅಭಿಪ್ರಾಯಪಟ್ಟರು. ಜಿಲ್ಲಾ ಕನ್ನಡ ಸಾಹಿತ್ಯ ಪರಿಷತ್ತು ಹಮ್ಮಿಕೊಂಡಿದ್ದ ಬೆಳ್ಳಾವೆ ವೆಂಕಟನಾರಾಣಪ್ಪ ಸ್ಮರಣೆ ಕಾರ್ಯಕ್ರಮದಲ್ಲಿ ಮಾತನಾಡಿದ ಅವರು 22ನೇ ಸಾಹಿತ್ಯ ಸಮ್ಮೇಳನದ ಅಧ್ಯಕ್ಷರಾಗಿದ್ದರು. ಭೌತಶಾಸ್ತ್ರದ ಅಧ್ಯಾಪಕರಾಗಿ ವಿಜ್ಞಾನ ವಿಷಯಗಳನ್ನು ಕನ್ನಡದಲ್ಲಿ ಬರೆದು ವಿಜ್ಞಾನ ಸಾಹಿತ್ಯಕ್ಕೆ ನಾಂದಿ ಹಾಡಿದರು. ಮೈಸೂರು ಮಹಾರಾಜರಿಂದ ರಾಜಸೇವಾಸಕ್ತ ಬಿರುದು ಪಡೆದ ಮಹನೀಯರು ಎಂದು ಸ್ಮರಿಸಿದರು.
ಅಧ್ಯಕ್ಷತೆ ವಹಿಸಿ ಮಾತನಾಡಿದರು. ವಿಶೇಷ ಉಪನ್ಯಾಸ ನೀಡಿದ ಇತಿಹಾಸ ಸಂಶೋಧಕ ಡಾ. ಡಿ.ಎನ್.ಯೋಗೀಶ್ವರಪ್ಪ ಮಾತನಾಡಿ, ಬೆಳ್ಳಾವೆ ವೆಂಕಟನಾರಾಣಪ್ಪನವರು ಮೂಲತಃ ವಿಜ್ಞಾನ ವಿದ್ಯಾರ್ಥಿಯಾಗಿದ್ದು, ಸೆಂಟ್ರಲ್ ಕಾಲೇಜಿನಲ್ಲಿ ಅಧ್ಯಾಪಕರಾಗಿದ್ದರು. ಆದರೆ ಅವರಿಗೆ ಕನ್ನಡ ಸಾಹಿತ್ಯದ ಮೇಲೆ ಅಪಾರ ಒಲವಿತ್ತು. ಕನ್ನಡ ಭಾಷೆಯಲ್ಲಿ ವಿಜ್ಞಾನ ಸಾಹಿತ್ಯವನ್ನು ರಚಿಸಿ ಜನಪ್ರಿಯಗೊಳಿಸಿದರು. ಕನ್ನಡದ ಮೊದಲ ವಿಜ್ಞಾನ ಪತ್ರಿಕೆ ಹೊರತಂದ ಇವರು ಪಂಚಭೂತ, ಚಾಯಾಗ್ರಹಣ, ಜಲ ವಿದ್ಯುತ್ ಶಕ್ತಿ ಸೇರಿದಂತೆ ಹಲವಾರು ಗ್ರಂಥಗಳನ್ನು ರಚಿಸಿ ಕನ್ನಡ ಸಾಹಿತ್ಯಕ್ಕೆ ಕೊಡುಗೆ ನೀಡಿದ್ದಾರೆ.
▶ 3 ನೇ ಪುಟಕ್ಕೆ...
ವೀರಶೈವ ಲಿಂಗಾಯತ ಗ್ರಾಮಗಳ ಅಭಿವೃದ್ಧಿಗೆ 12.50 ಕೋಟಿ
ತುರುವೇಕೆರೆ: ತಾಲೂಕಿನ ವೀರಶೈವ ಲಿಂಗಾಯತ ಸಮುದಾಯದವರು ವಾಸಿಸುತ್ತಿರುವ ವಿವಿಧ ಗ್ರಾಮಗಳ ರಸ್ತೆ, ಚರಂಡಿ, ವಿದ್ಯುತ್ ಸೇರಿದಂತೆ ವಿವಿಧ ಅಭಿವೃದ್ಧಿ ಕಾಮಗಾರಿಗಳನ್ನು ಕೈಗೊಳ್ಳಲು ಸರ್ಕಾರ ಸುಮಾರು 12.50 ಕೋಟಿಯಷ್ಟು ಅನುದಾನವನ್ನು ನೀಡಿದೆ ಎಂದು ಶಾಸಕ ಎಂ.ಟಿ.ಕೃಷ್ಣಪ್ಪ ಹೇಳಿದರು. ಪಟ್ಟಣದ ಗುರುಭವನದಲ್ಲಿ ನಡೆದ ಸಮುದಾಯ ಭವನ ಶಂಕುಸ್ಥಾಪನೆ ಕಾರ್ಯಕ್ರಮದಲ್ಲಿ ಮಾತನಾಡಿದ ಅವರು ಉಪ ಸಮಿತಿ ಯೋಜನೆಯಡಿ ವೀರಶೈವ ಲಿಂಗಾಯತ ಸಮುದಾಯ ಭವನಕ್ಕೆ ಅನುದಾನ ನೀಡಲಾಗಿದೆ. ಸುಮಾರು 35 ಲಕ್ಷ ವೆಚ್ಚದಲ್ಲಿ ನಿರ್ಮಾಣವಾಗುತ್ತಿರುವ ಭವನ ಗುಣಮಟ್ಟದಿಂದ ಕೂಡಿರಬೇಕು. ಹಳ್ಳಿಗಳಲ್ಲಿ ಉತ್ತಮ ರಸ್ತೆ, ಚರಂಡಿ ವ್ಯವಸ್ಥೆ ಕಲ್ಪಿಸಲಾಗುವುದು ಎಂದರು.
ಈಗ ಎಲ್ಲಾ ಸಮುದಾಯ ಭವನಗಳಲ್ಲಿ ಮೂಲಭೂತ ಸೌಕರ್ಯಕ್ಕೆ ಅಧ್ಯತೆ ನೀಡಬೇಕು. ಗ್ರಾಮದ ಜನರು ಸೇರುವ ಭವನದಲ್ಲಿ ಉತ್ತಮ ಗುಣಮಟ್ಟದ ಶೌಚಾಲಯ ನಿರ್ಮಿಸಲು ಗಮನ ನೀಡಬೇಕು. ಸಾರ್ವಜನಿಕರ ಅನುಕೂಲಕ್ಕಾಗಿ ನಿರ್ಮಿಸುವ ಭವನಗಳನ್ನು ಸಮರ್ಪಕವಾಗಿ ಬಳಕೆ ಮಾಡಿಕೊಳ್ಳಬೇಕು ಎಂದು ಸಲಹೆ ನೀಡಿದರು. ತಾಲೂಕಿನ ದಂಡಿನಶಿವರ ಹೋಬಳಿಯ ಸಾಸಲು ಗ್ರಾಮದಲ್ಲಿ ಸುಮಾರು 4.50 ಕೋಟಿ ವೆಚ್ಚದಲ್ಲಿ ಸಮುದಾಯ ಭವನ ನಿರ್ಮಾಣ ಹಾಗೂ ಕೆರೆ ಅಭಿವೃದ್ಧಿ ಕಾಮಗಾರಿಗಳನ್ನು ಕೈಗೊಳ್ಳಲಾಗುತ್ತಿದೆ. ಈ ಭಾಗದ ಜನರ ಬಹುದಿನದ ಬೇಡಿಕೆ ಈಡೇರುತ್ತಿದೆ. ಕಾರ್ಯಕ್ರಮದಲ್ಲಿ ವೀರಶೈವ ಮಹಾಸಭಾದ ಪದಾಧಿಕಾರಿಗಳು, ಸಮುದಾಯದ ಮುಖಂಡರು ಹಾಜರಿದ್ದರು.
ರಾಜ್ಯ ಸರ್ಕಾರದಿಂದ ವೀರಶೈವ ಲಿಂಗಾಯತ ಸಮುದಾಯದ ಗ್ರಾಮಗಳ ಅಭಿವೃದ್ಧಿಗೆ ಅನುದಾನ ಬಿಡುಗಡೆ ಮಾಡಲಾಗಿದ್ದು ಶೀಘ್ರದಲ್ಲೇ ಕಾಮಗಾರಿ ಆರಂಭಿಸಲಾಗುವುದು. ತಾಲೂಕಿನ ಎಲ್ಲಾ ಗ್ರಾಮಗಳಲ್ಲಿ ಶುದ್ಧ ಕುಡಿಯುವ ನೀರಿನ ಘಟಕ ಸ್ಥಾಪಿಸಲಾಗುವುದು. ಮನೆ ಮನೆಗೆ ಗಂಗೆ ಯೋಜನೆ ಅನುಷ್ಠಾನಗೊಳಿಸಲಾಗುವುದು. ಈ ಸಂದರ್ಭದಲ್ಲಿ ಸಮಾಜದ ಮುಖಂಡರುಗಳಾದ ವೀರಣ್ಣ, ಚನ್ನಬಸವಯ್ಯ, ಸಿದ್ದಲಿಂಗಯ್ಯ, ಶಿವಕುಮಾರ್, ಮಹದೇವಯ್ಯ, ಬಸವರಾಜು, ಶಂಕರ್, ಪರಮೇಶ್, ನಾಗರಾಜು, ಗಂಗಾಧರಯ್ಯ, ಸೋಮಶೇಖರ್, ರೇಣುಕಯ್ಯ ಸೇರಿದಂತೆ ಅನೇಕರು ಭಾಗವಹಿಸಿದ್ದರು. ಇದೇ ವೇಳೆ ಕಾಮಗಾರಿಗೆ ಚಾಲನೆ ನೀಡಲಾಯಿತು.
ಸಂಘದ ನೂತನ ಅಧ್ಯಕ್ಷ ಎಂ.ಬಿ.ಧರಣೇಶ್ ಹಾಗೂ ಪಿಎಲ್‌ಡಿ ಬ್ಯಾಂಕ್ ನಿರ್ದೇಶಕ ಮಾಣಿಕಳ್ಳಿ ಲೋಕೇಶ್ ರವರನ್ನು ಅಭಿನಂದಿಸಲಾಯಿತು. ತಾಲೂಕು ಪಂಚಾಯಿತಿ ಮಾಜಿ ಅಧ್ಯಕ್ಷ ಎಸ್.ಎಂ.ಕುಮಾರಸ್ವಾಮಿ, ಗ್ರಾಮ ಪಂಚಾಯಿತಿ ಅಧ್ಯಕ್ಷರು, ಸದಸ್ಯರು, ಸಮಾಜದ ಹಿರಿಯರು, ನಿವೃತ್ತ ನೌಕರರು, ಯುವಕರು ಹಾಗೂ ಮಹಿಳೆಯರು ಉಪಸ್ಥಿತರಿದ್ದರು. ಎಂಜಿನಿಯರ್ ನಾಗೇಶ್, ತಾಂತ್ರಿಕ ಸಹಾಯಕ ಪ್ರಕಾಶ್, ಗುತ್ತಿಗೆದಾರ ಮಂಜುನಾಥ್, ಗ್ರಾಮದ ಮುಖಂಡರಾದ ಶಿವಣ್ಣ, ಬಸವರಾಜು, ಚಂದ್ರಣ್ಣ, ಮಲ್ಲಿಕಾರ್ಜುನ್, ಸಿದ್ದರಾಮಣ್ಣ ಸೇರಿದಂತೆ ಮತ್ತಿತರರು ಕಾರ್ಯಕ್ರಮದಲ್ಲಿ ಹಾಜರಿದ್ದರು.
